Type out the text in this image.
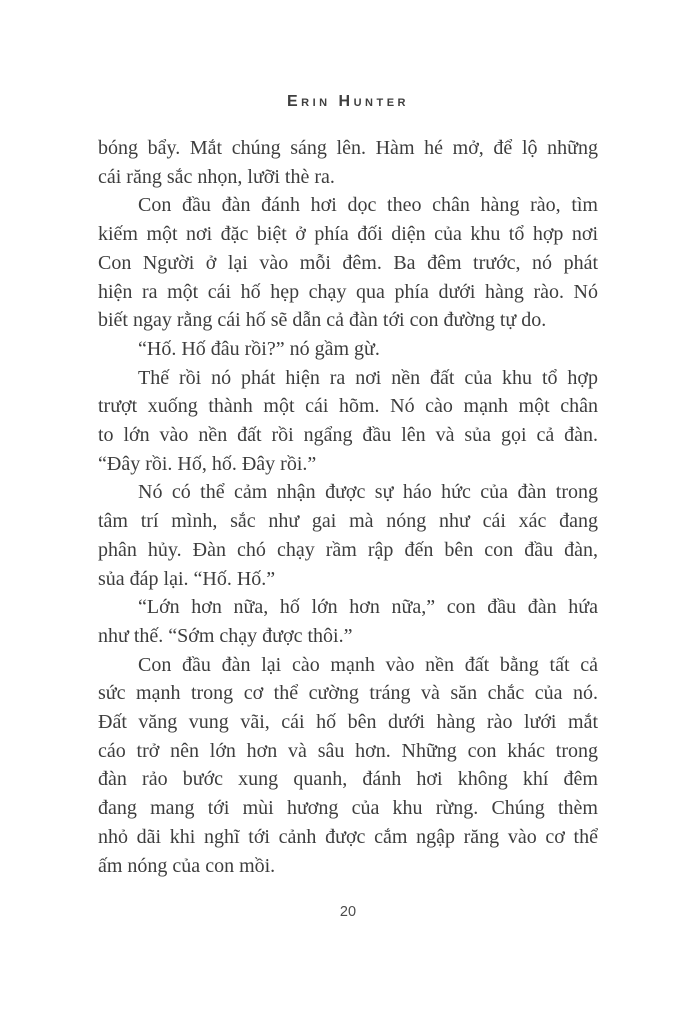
Erin Hunter
bóng bẩy. Mắt chúng sáng lên. Hàm hé mở, để lộ những
cái răng sắc nhọn, lưỡi thè ra.
Con đầu đàn đánh hơi dọc theo chân hàng rào, tìm
kiếm một nơi đặc biệt ở phía đối diện của khu tổ hợp nơi
Con Người ở lại vào mỗi đêm. Ba đêm trước, nó phát
hiện ra một cái hố hẹp chạy qua phía dưới hàng rào. Nó
biết ngay rằng cái hố sẽ dẫn cả đàn tới con đường tự do.
“Hố. Hố đâu rồi?” nó gầm gừ.
Thế rồi nó phát hiện ra nơi nền đất của khu tổ hợp
trượt xuống thành một cái hõm. Nó cào mạnh một chân
to lớn vào nền đất rồi ngẩng đầu lên và sủa gọi cả đàn.
“Đây rồi. Hố, hố. Đây rồi.”
Nó có thể cảm nhận được sự háo hức của đàn trong
tâm trí mình, sắc như gai mà nóng như cái xác đang
phân hủy. Đàn chó chạy rầm rập đến bên con đầu đàn,
sủa đáp lại. “Hố. Hố.”
“Lớn hơn nữa, hố lớn hơn nữa,” con đầu đàn hứa
như thế. “Sớm chạy được thôi.”
Con đầu đàn lại cào mạnh vào nền đất bằng tất cả
sức mạnh trong cơ thể cường tráng và săn chắc của nó.
Đất văng vung vãi, cái hố bên dưới hàng rào lưới mắt
cáo trở nên lớn hơn và sâu hơn. Những con khác trong
đàn rảo bước xung quanh, đánh hơi không khí đêm
đang mang tới mùi hương của khu rừng. Chúng thèm
nhỏ dãi khi nghĩ tới cảnh được cắm ngập răng vào cơ thể
ấm nóng của con mồi.
20
